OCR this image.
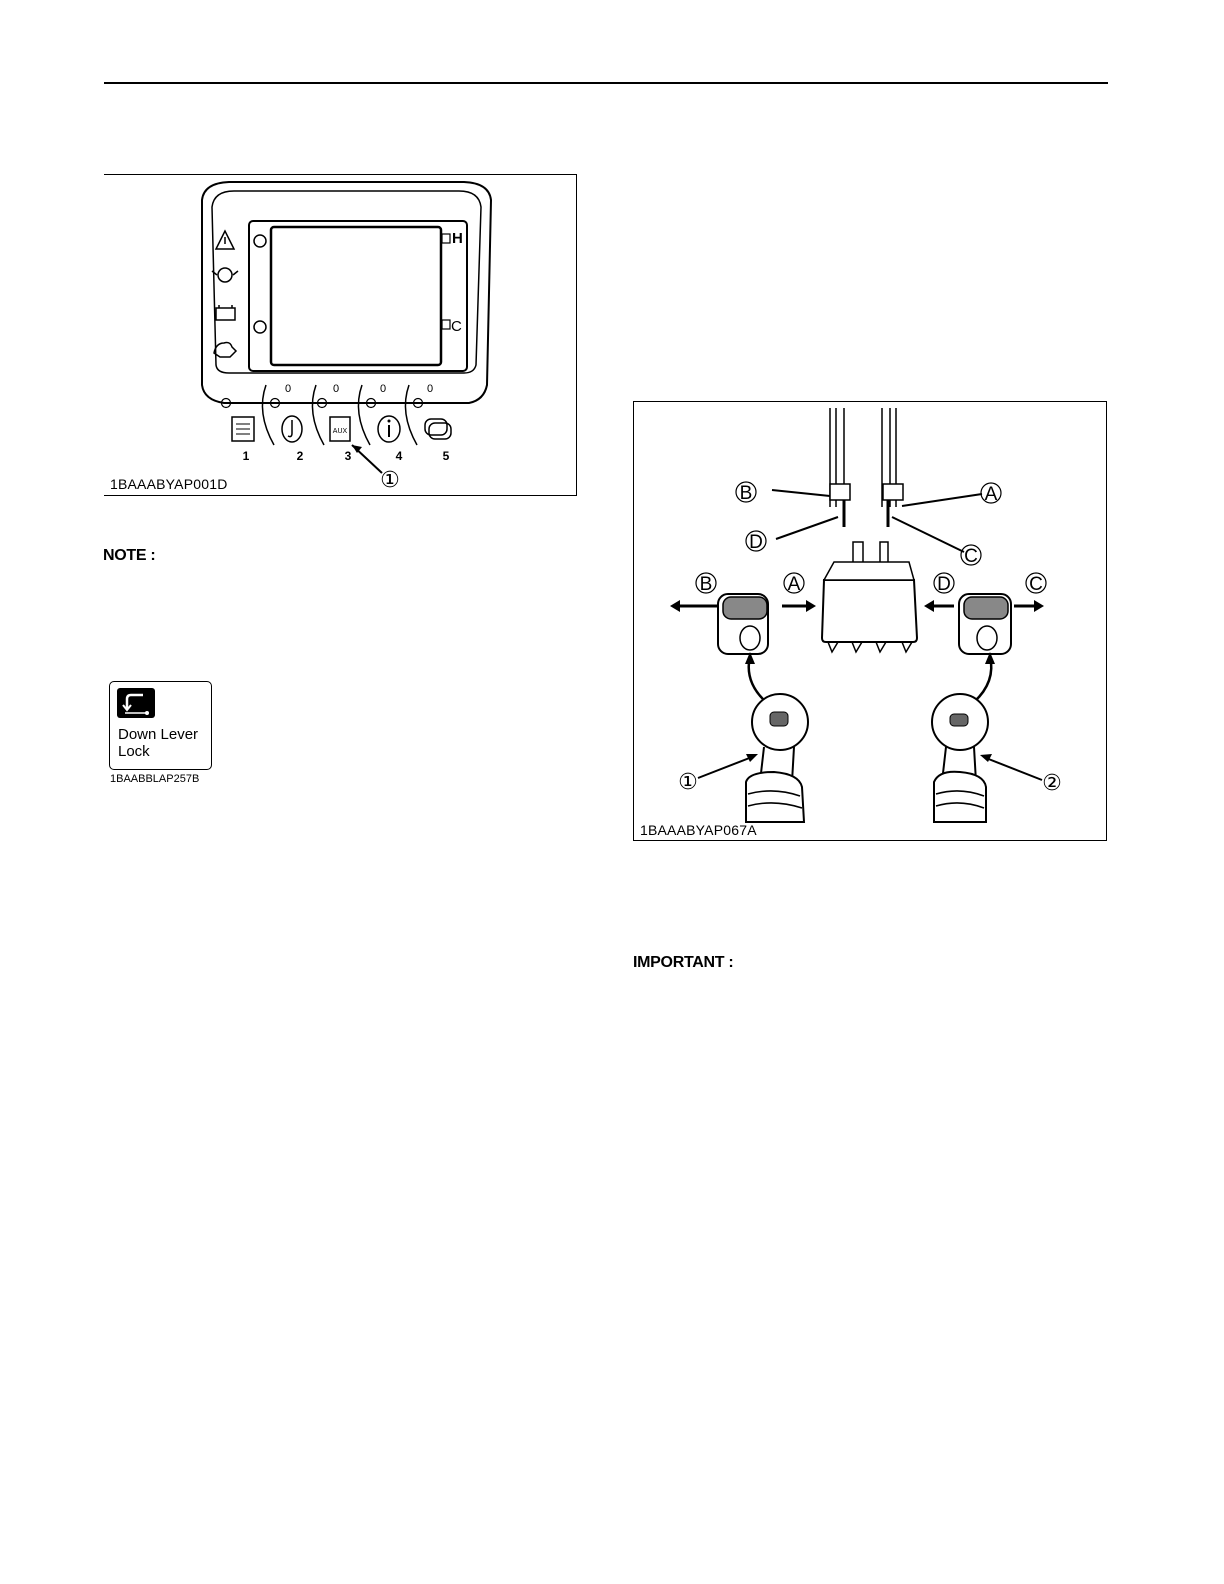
AUX
H
C
0	0	0	0
1	2	3	4	5
①
1BAAABYAP001D
NOTE :
Down Lever
Lock
1BAABBLAP257B
B
D
A
C
B	A	D	C
①	②
1BAAABYAP067A
IMPORTANT :
